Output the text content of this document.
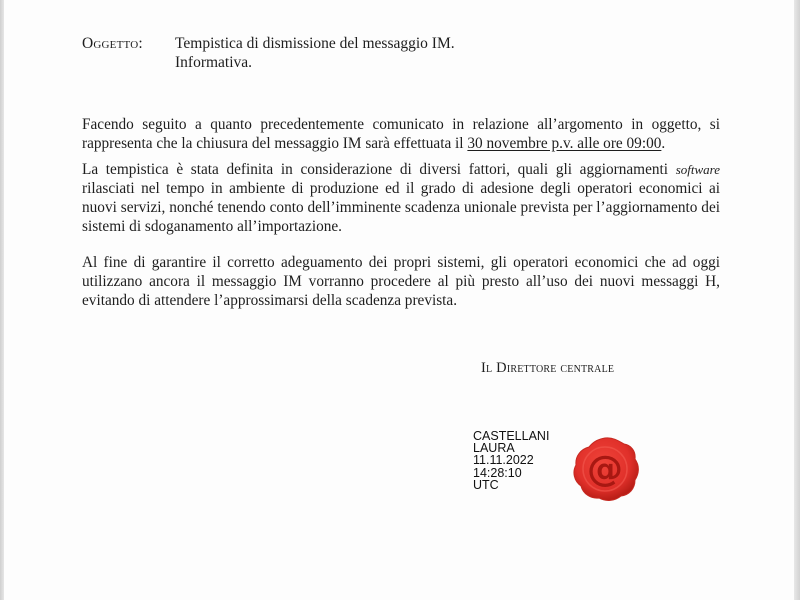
Oggetto:	Tempistica di dismissione del messaggio IM.
Informativa.

Facendo seguito a quanto precedentemente comunicato in relazione all’argomento in oggetto, si rappresenta che la chiusura del messaggio IM sarà effettuata il 30 novembre p.v. alle ore 09:00.

La tempistica è stata definita in considerazione di diversi fattori, quali gli aggiornamenti software rilasciati nel tempo in ambiente di produzione ed il grado di adesione degli operatori economici ai nuovi servizi, nonché tenendo conto dell’imminente scadenza unionale prevista per l’aggiornamento dei sistemi di sdoganamento all’importazione.

Al fine di garantire il corretto adeguamento dei propri sistemi, gli operatori economici che ad oggi utilizzano ancora il messaggio IM vorranno procedere al più presto all’uso dei nuovi messaggi H, evitando di attendere l’approssimarsi della scadenza prevista.

Il Direttore centrale
CASTELLANI
LAURA
11.11.2022
14:28:10
UTC	@
